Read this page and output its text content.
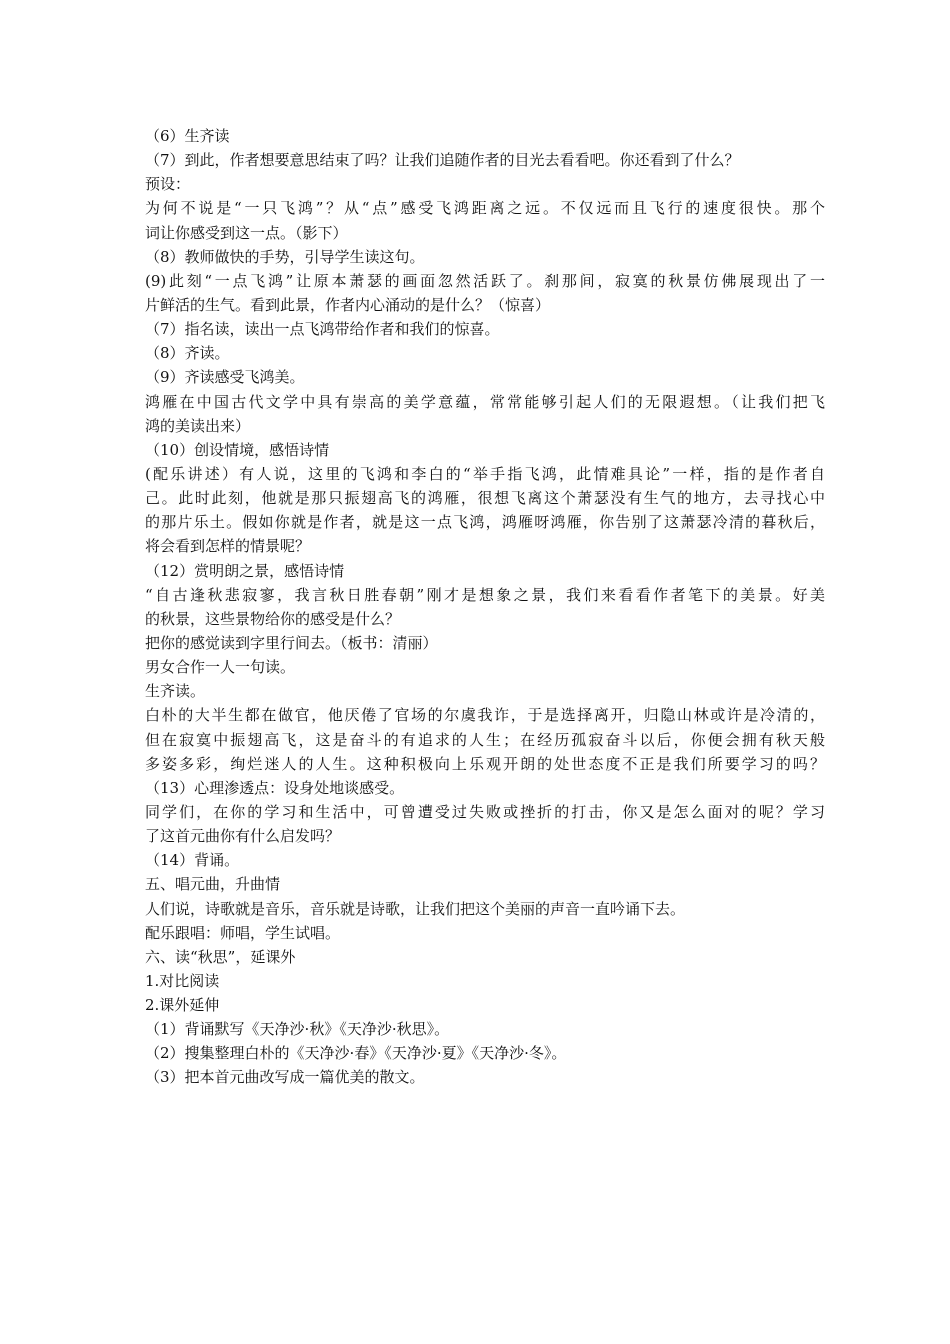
（6）生齐读
（7）到此，作者想要意思结束了吗？让我们追随作者的目光去看看吧。你还看到了什么？
预设：
为何不说是“一只飞鸿”？从“点”感受飞鸿距离之远。不仅远而且飞行的速度很快。那个
词让你感受到这一点。（影下）
（8）教师做快的手势，引导学生读这句。
(9)此刻“一点飞鸿”让原本萧瑟的画面忽然活跃了。刹那间，寂寞的秋景仿佛展现出了一
片鲜活的生气。看到此景，作者内心涌动的是什么？（惊喜）
（7）指名读，读出一点飞鸿带给作者和我们的惊喜。
（8）齐读。
（9）齐读感受飞鸿美。
鸿雁在中国古代文学中具有崇高的美学意蕴，常常能够引起人们的无限遐想。（让我们把飞
鸿的美读出来）
（10）创设情境，感悟诗情
(配乐讲述）有人说，这里的飞鸿和李白的“举手指飞鸿，此情难具论”一样，指的是作者自
己。此时此刻，他就是那只振翅高飞的鸿雁，很想飞离这个萧瑟没有生气的地方，去寻找心中
的那片乐土。假如你就是作者，就是这一点飞鸿，鸿雁呀鸿雁，你告别了这萧瑟冷清的暮秋后，
将会看到怎样的情景呢？
（12）赏明朗之景，感悟诗情
“自古逢秋悲寂寥，我言秋日胜春朝”刚才是想象之景，我们来看看作者笔下的美景。好美
的秋景，这些景物给你的感受是什么？
把你的感觉读到字里行间去。（板书：清丽）
男女合作一人一句读。
生齐读。
白朴的大半生都在做官，他厌倦了官场的尔虞我诈，于是选择离开，归隐山林或许是冷清的，
但在寂寞中振翅高飞，这是奋斗的有追求的人生；在经历孤寂奋斗以后，你便会拥有秋天般
多姿多彩，绚烂迷人的人生。这种积极向上乐观开朗的处世态度不正是我们所要学习的吗？
（13）心理渗透点：设身处地谈感受。
同学们，在你的学习和生活中，可曾遭受过失败或挫折的打击，你又是怎么面对的呢？学习
了这首元曲你有什么启发吗？
（14）背诵。
五、唱元曲，升曲情
人们说，诗歌就是音乐，音乐就是诗歌，让我们把这个美丽的声音一直吟诵下去。
配乐跟唱：师唱，学生试唱。
六、读“秋思”，延课外
1.对比阅读
2.课外延伸
（1）背诵默写《天净沙·秋》《天净沙·秋思》。
（2）搜集整理白朴的《天净沙·春》《天净沙·夏》《天净沙·冬》。
（3）把本首元曲改写成一篇优美的散文。
